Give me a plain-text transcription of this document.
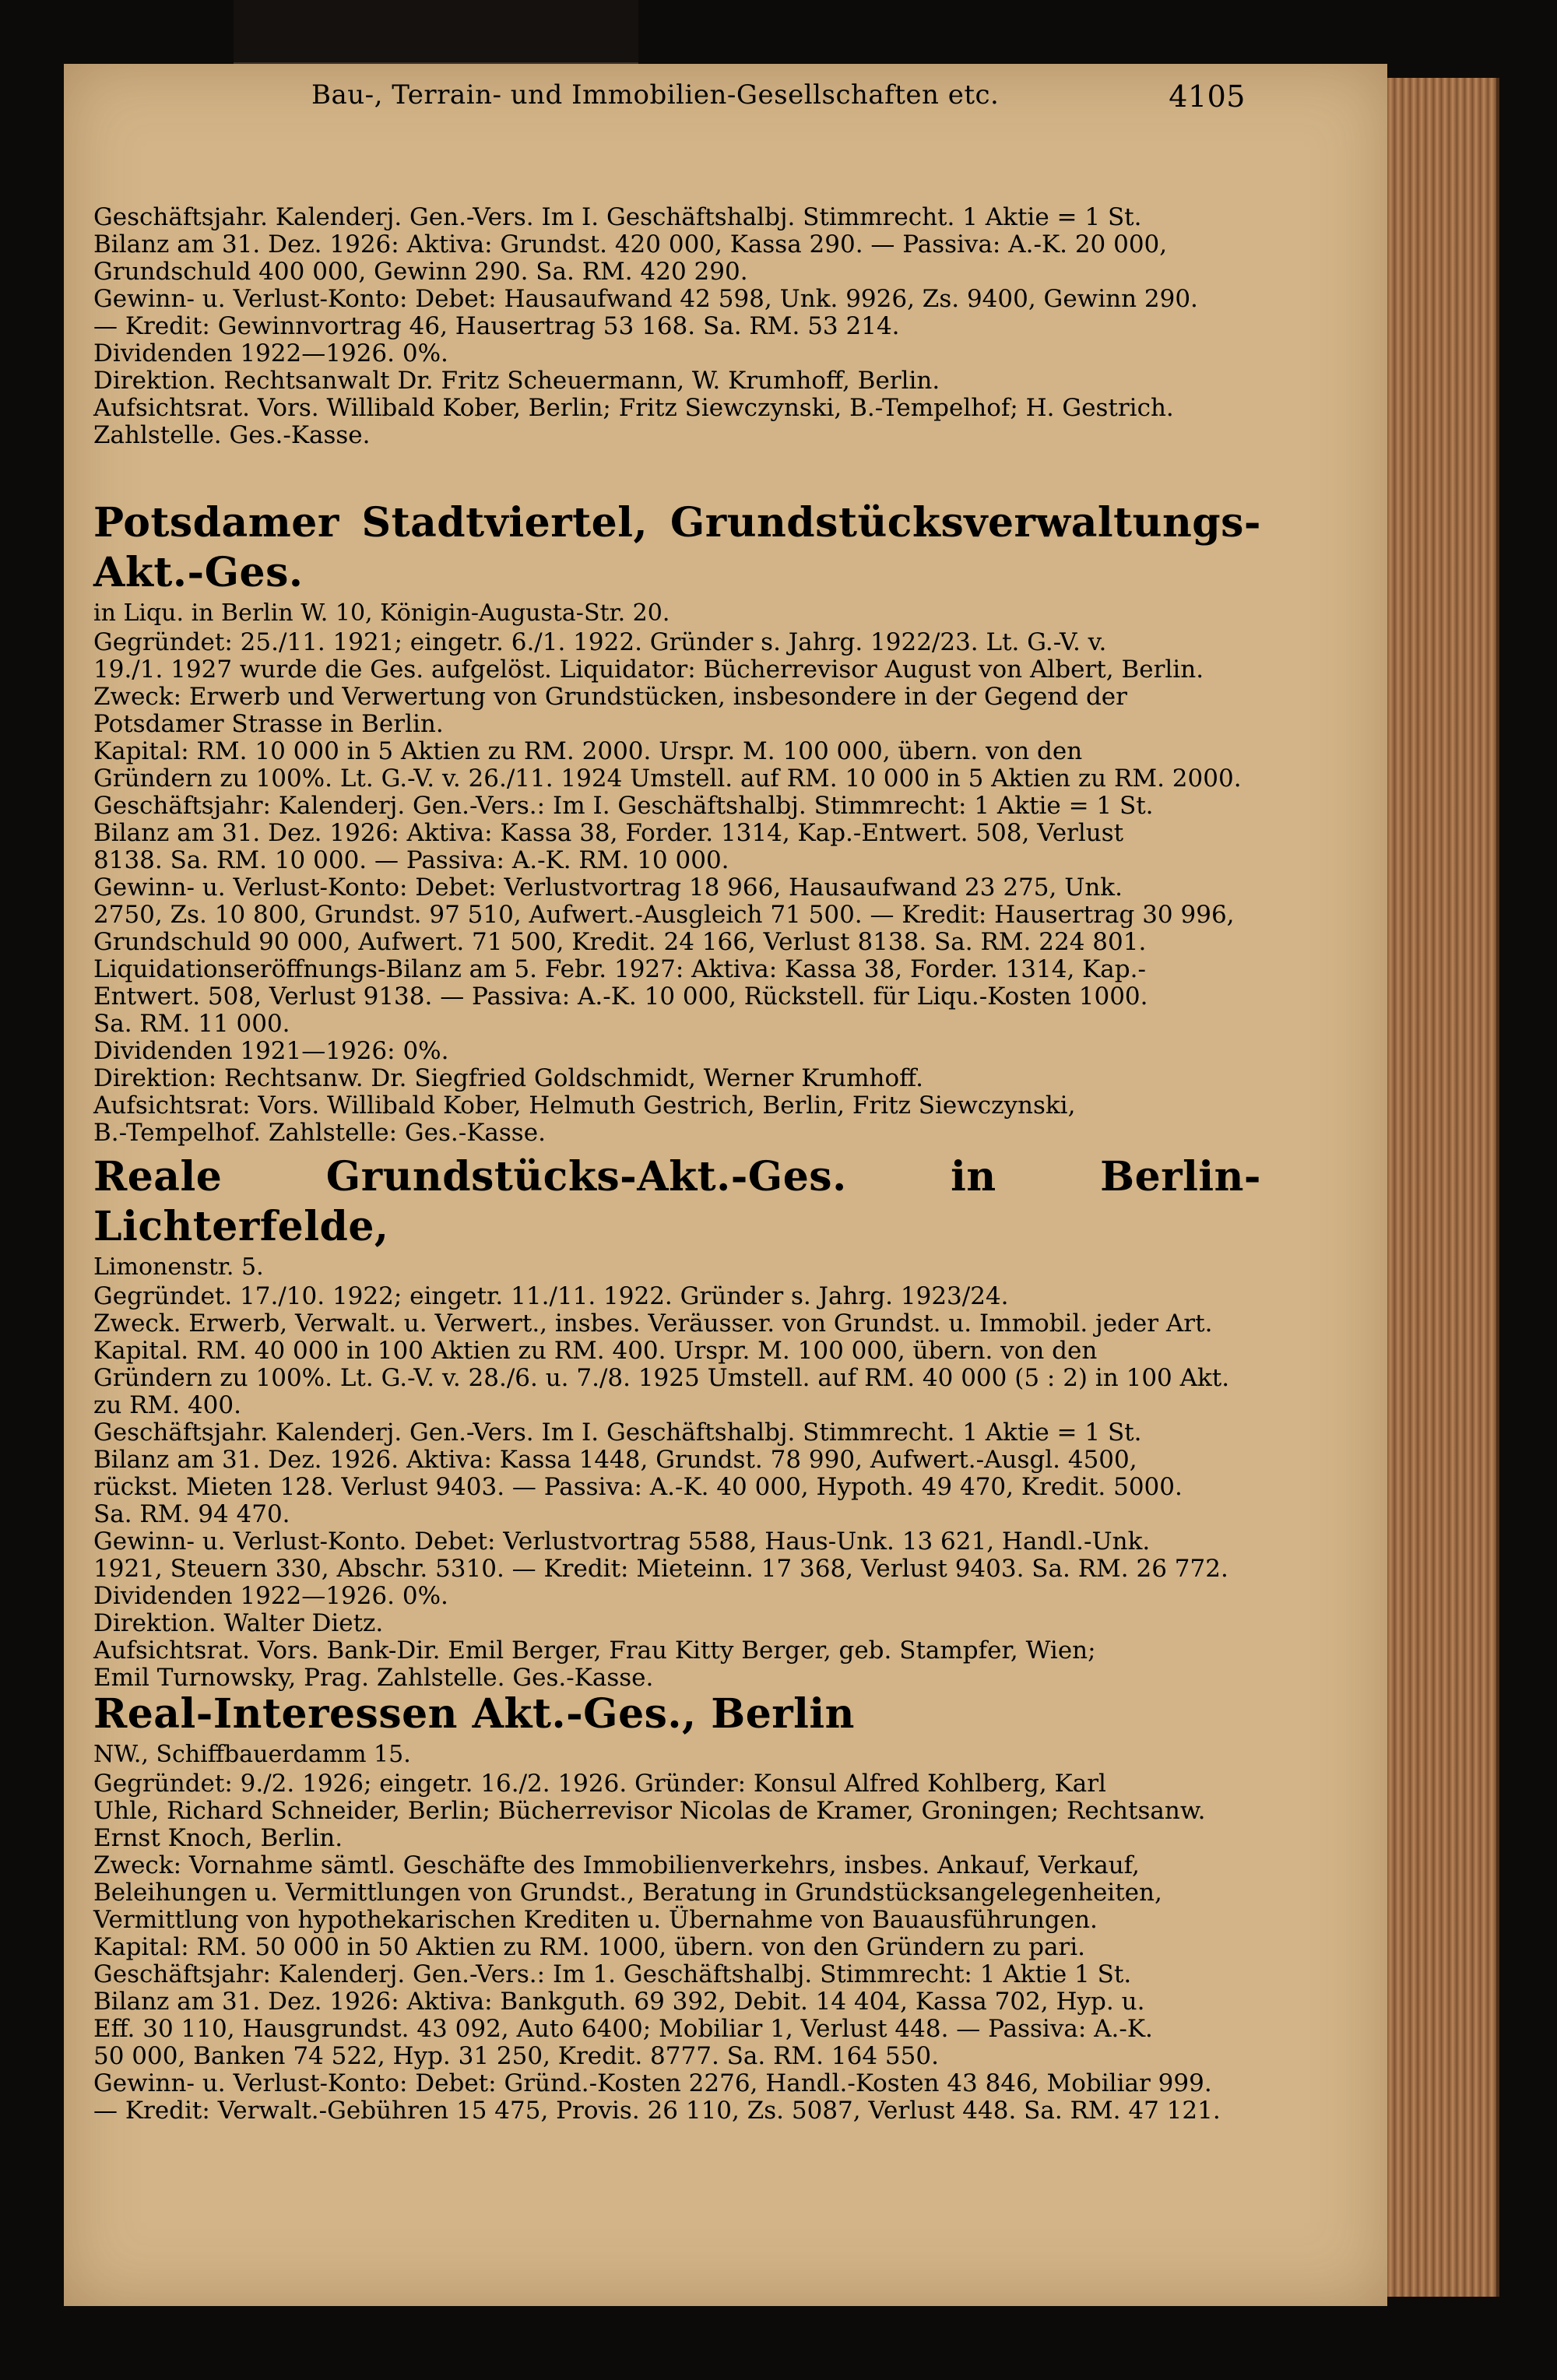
Bau-, Terrain- und Immobilien-Gesellschaften etc.	4105

Geschäftsjahr. Kalenderj. Gen.-Vers. Im I. Geschäftshalbj. Stimmrecht. 1 Aktie = 1 St.

Bilanz am 31. Dez. 1926: Aktiva: Grundst. 420 000, Kassa 290. — Passiva: A.-K. 20 000,

Grundschuld 400 000, Gewinn 290. Sa. RM. 420 290.

Gewinn- u. Verlust-Konto: Debet: Hausaufwand 42 598, Unk. 9926, Zs. 9400, Gewinn 290.

— Kredit: Gewinnvortrag 46, Hausertrag 53 168. Sa. RM. 53 214.

Dividenden 1922—1926. 0%.

Direktion. Rechtsanwalt Dr. Fritz Scheuermann, W. Krumhoff, Berlin.

Aufsichtsrat. Vors. Willibald Kober, Berlin; Fritz Siewczynski, B.-Tempelhof; H. Gestrich.

Zahlstelle. Ges.-Kasse.

Potsdamer Stadtviertel, Grundstücksverwaltungs-Akt.-Ges.

in Liqu. in Berlin W. 10, Königin-Augusta-Str. 20.

Gegründet: 25./11. 1921; eingetr. 6./1. 1922. Gründer s. Jahrg. 1922/23. Lt. G.-V. v.

19./1. 1927 wurde die Ges. aufgelöst. Liquidator: Bücherrevisor August von Albert, Berlin.

Zweck: Erwerb und Verwertung von Grundstücken, insbesondere in der Gegend der

Potsdamer Strasse in Berlin.

Kapital: RM. 10 000 in 5 Aktien zu RM. 2000. Urspr. M. 100 000, übern. von den

Gründern zu 100%. Lt. G.-V. v. 26./11. 1924 Umstell. auf RM. 10 000 in 5 Aktien zu RM. 2000.

Geschäftsjahr: Kalenderj. Gen.-Vers.: Im I. Geschäftshalbj. Stimmrecht: 1 Aktie = 1 St.

Bilanz am 31. Dez. 1926: Aktiva: Kassa 38, Forder. 1314, Kap.-Entwert. 508, Verlust

8138. Sa. RM. 10 000. — Passiva: A.-K. RM. 10 000.

Gewinn- u. Verlust-Konto: Debet: Verlustvortrag 18 966, Hausaufwand 23 275, Unk.

2750, Zs. 10 800, Grundst. 97 510, Aufwert.-Ausgleich 71 500. — Kredit: Hausertrag 30 996,

Grundschuld 90 000, Aufwert. 71 500, Kredit. 24 166, Verlust 8138. Sa. RM. 224 801.

Liquidationseröffnungs-Bilanz am 5. Febr. 1927: Aktiva: Kassa 38, Forder. 1314, Kap.-

Entwert. 508, Verlust 9138. — Passiva: A.-K. 10 000, Rückstell. für Liqu.-Kosten 1000.

Sa. RM. 11 000.

Dividenden 1921—1926: 0%.

Direktion: Rechtsanw. Dr. Siegfried Goldschmidt, Werner Krumhoff.

Aufsichtsrat: Vors. Willibald Kober, Helmuth Gestrich, Berlin, Fritz Siewczynski,

B.-Tempelhof. Zahlstelle: Ges.-Kasse.

Reale Grundstücks-Akt.-Ges. in Berlin-Lichterfelde,

Limonenstr. 5.

Gegründet. 17./10. 1922; eingetr. 11./11. 1922. Gründer s. Jahrg. 1923/24.

Zweck. Erwerb, Verwalt. u. Verwert., insbes. Veräusser. von Grundst. u. Immobil. jeder Art.

Kapital. RM. 40 000 in 100 Aktien zu RM. 400. Urspr. M. 100 000, übern. von den

Gründern zu 100%. Lt. G.-V. v. 28./6. u. 7./8. 1925 Umstell. auf RM. 40 000 (5 : 2) in 100 Akt.

zu RM. 400.

Geschäftsjahr. Kalenderj. Gen.-Vers. Im I. Geschäftshalbj. Stimmrecht. 1 Aktie = 1 St.

Bilanz am 31. Dez. 1926. Aktiva: Kassa 1448, Grundst. 78 990, Aufwert.-Ausgl. 4500,

rückst. Mieten 128. Verlust 9403. — Passiva: A.-K. 40 000, Hypoth. 49 470, Kredit. 5000.

Sa. RM. 94 470.

Gewinn- u. Verlust-Konto. Debet: Verlustvortrag 5588, Haus-Unk. 13 621, Handl.-Unk.

1921, Steuern 330, Abschr. 5310. — Kredit: Mieteinn. 17 368, Verlust 9403. Sa. RM. 26 772.

Dividenden 1922—1926. 0%.

Direktion. Walter Dietz.

Aufsichtsrat. Vors. Bank-Dir. Emil Berger, Frau Kitty Berger, geb. Stampfer, Wien;

Emil Turnowsky, Prag. Zahlstelle. Ges.-Kasse.

Real-Interessen Akt.-Ges., Berlin

NW., Schiffbauerdamm 15.

Gegründet: 9./2. 1926; eingetr. 16./2. 1926. Gründer: Konsul Alfred Kohlberg, Karl

Uhle, Richard Schneider, Berlin; Bücherrevisor Nicolas de Kramer, Groningen; Rechtsanw.

Ernst Knoch, Berlin.

Zweck: Vornahme sämtl. Geschäfte des Immobilienverkehrs, insbes. Ankauf, Verkauf,

Beleihungen u. Vermittlungen von Grundst., Beratung in Grundstücksangelegenheiten,

Vermittlung von hypothekarischen Krediten u. Übernahme von Bauausführungen.

Kapital: RM. 50 000 in 50 Aktien zu RM. 1000, übern. von den Gründern zu pari.

Geschäftsjahr: Kalenderj. Gen.-Vers.: Im 1. Geschäftshalbj. Stimmrecht: 1 Aktie 1 St.

Bilanz am 31. Dez. 1926: Aktiva: Bankguth. 69 392, Debit. 14 404, Kassa 702, Hyp. u.

Eff. 30 110, Hausgrundst. 43 092, Auto 6400; Mobiliar 1, Verlust 448. — Passiva: A.-K.

50 000, Banken 74 522, Hyp. 31 250, Kredit. 8777. Sa. RM. 164 550.

Gewinn- u. Verlust-Konto: Debet: Gründ.-Kosten 2276, Handl.-Kosten 43 846, Mobiliar 999.

— Kredit: Verwalt.-Gebühren 15 475, Provis. 26 110, Zs. 5087, Verlust 448. Sa. RM. 47 121.
